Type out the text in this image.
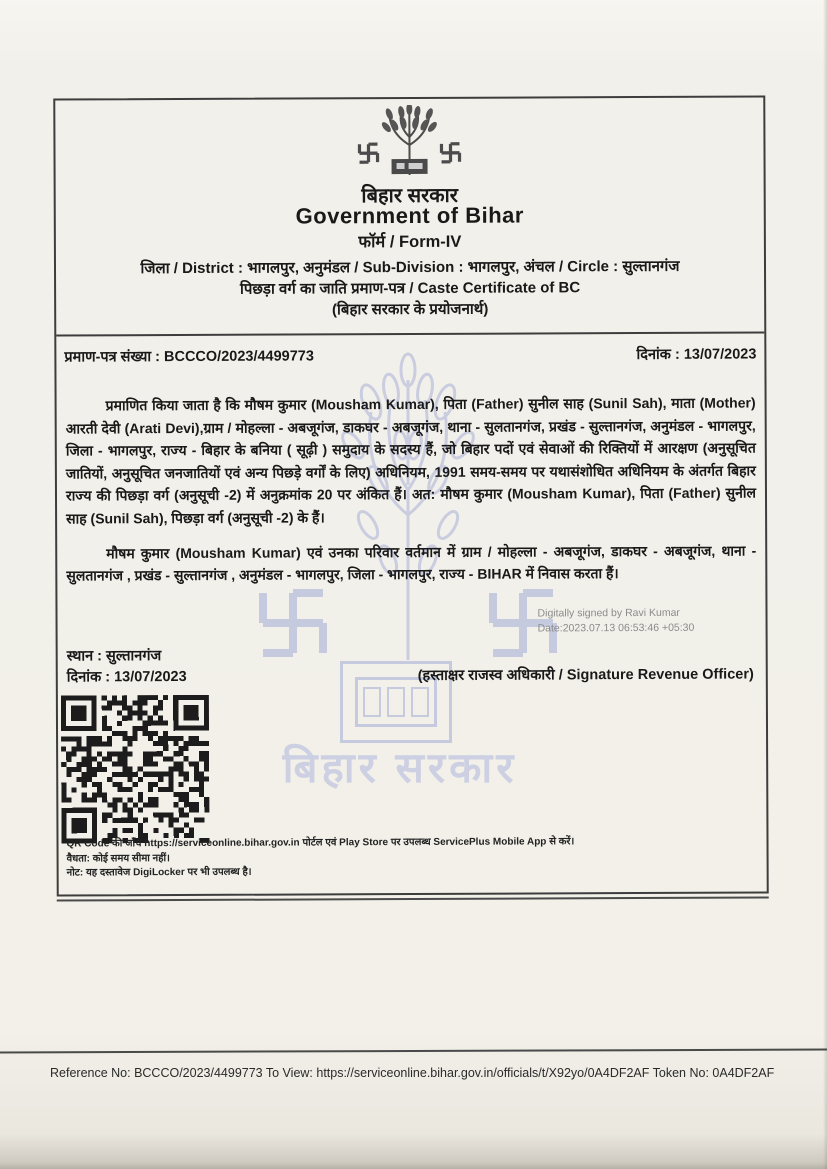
बिहार सरकार
बिहार सरकार
Government of Bihar
फॉर्म / Form-IV
जिला / District : भागलपुर, अनुमंडल / Sub-Division : भागलपुर, अंचल / Circle : सुल्तानगंज
पिछड़ा वर्ग का जाति प्रमाण-पत्र / Caste Certificate of BC
(बिहार सरकार के प्रयोजनार्थ)
प्रमाण-पत्र संख्या : BCCCO/2023/4499773	दिनांक : 13/07/2023

प्रमाणित किया जाता है कि मौषम कुमार (Mousham Kumar), पिता (Father) सुनील साह (Sunil Sah), माता (Mother) आरती देवी (Arati Devi),ग्राम / मोहल्ला - अबजूगंज, डाकघर - अबजूगंज, थाना - सुलतानगंज, प्रखंड - सुल्तानगंज, अनुमंडल - भागलपुर, जिला - भागलपुर, राज्य - बिहार के बनिया ( सूढ़ी ) समुदाय के सदस्य हैं, जो बिहार पदों एवं सेवाओं की रिक्तियों में आरक्षण (अनुसूचित जातियों, अनुसूचित जनजातियों एवं अन्य पिछड़े वर्गों के लिए) अधिनियम, 1991 समय-समय पर यथासंशोधित अधिनियम के अंतर्गत बिहार राज्य की पिछड़ा वर्ग (अनुसूची -2) में अनुक्रमांक 20 पर अंकित हैं। अत: मौषम कुमार (Mousham Kumar), पिता (Father) सुनील साह (Sunil Sah), पिछड़ा वर्ग (अनुसूची -2) के हैं।

मौषम कुमार (Mousham Kumar) एवं उनका परिवार वर्तमान में ग्राम / मोहल्ला - अबजूगंज, डाकघर - अबजूगंज, थाना - सुलतानगंज , प्रखंड - सुल्तानगंज , अनुमंडल - भागलपुर, जिला - भागलपुर, राज्य - BIHAR में निवास करता हैं।

Digitally signed by Ravi Kumar
Date:2023.07.13 06:53:46 +05:30
स्थान : सुल्तानगंज
दिनांक : 13/07/2023	(हस्ताक्षर राजस्व अधिकारी / Signature Revenue Officer)
QR Code की जाँच https://serviceonline.bihar.gov.in पोर्टल एवं Play Store पर उपलब्ध ServicePlus Mobile App से करें।
वैधता: कोई समय सीमा नहीं।
नोट: यह दस्तावेज DigiLocker पर भी उपलब्ध है।
Reference No: BCCCO/2023/4499773 To View: https://serviceonline.bihar.gov.in/officials/t/X92yo/0A4DF2AF Token No: 0A4DF2AF
